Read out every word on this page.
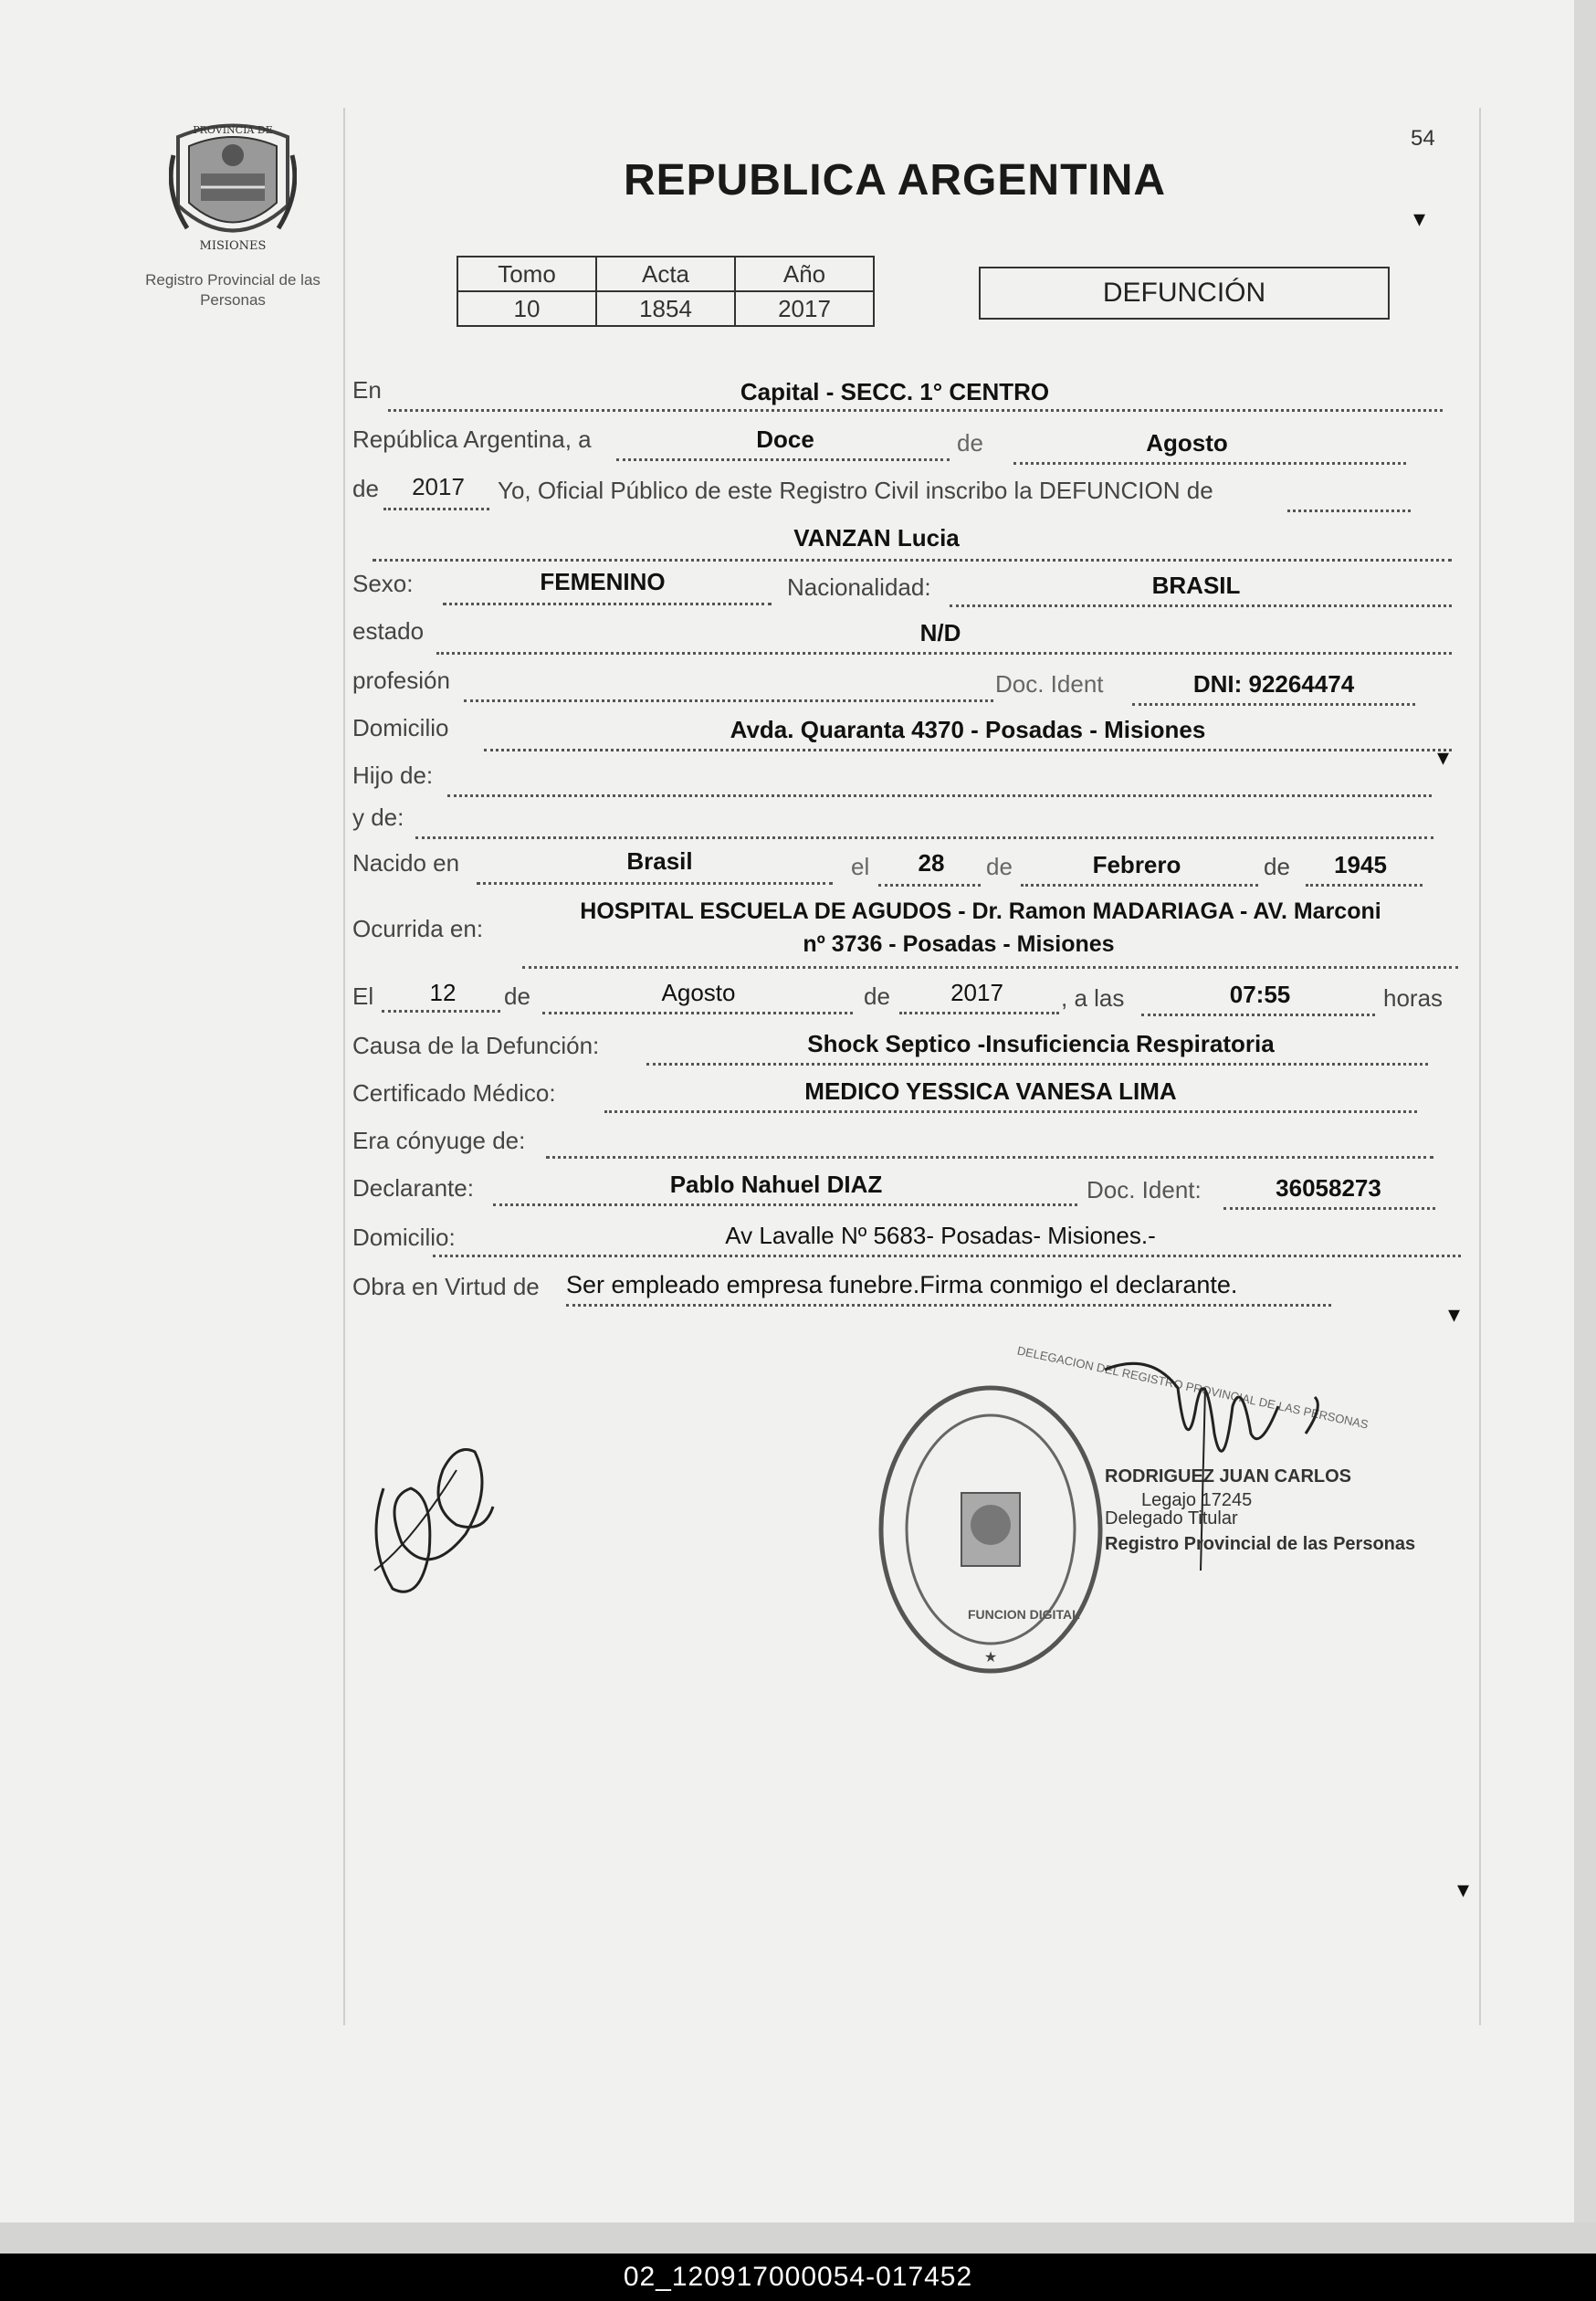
PROVINCIA DE
MISIONES
Registro Provincial de las Personas
54
REPUBLICA ARGENTINA
Tomo	Acta	Año
10	1854	2017
DEFUNCIÓN
En	Capital - SECC. 1° CENTRO
República Argentina, a	Doce	de	Agosto
de	2017	Yo, Oficial Público de este Registro Civil inscribo la DEFUNCION de
VANZAN Lucia
Sexo:	FEMENINO	Nacionalidad:	BRASIL
estado	N/D
profesión	Doc. Ident	DNI: 92264474
Domicilio	Avda. Quaranta 4370 - Posadas - Misiones
▾
Hijo de:
y de:
Nacido en	Brasil	el	28	de	Febrero	de	1945
Ocurrida en:
HOSPITAL ESCUELA DE AGUDOS - Dr. Ramon MADARIAGA - AV. Marconi
nº 3736 - Posadas - Misiones
El	12	de	Agosto	de	2017	, a las	07:55	horas
Causa de la Defunción:	Shock Septico -Insuficiencia Respiratoria
Certificado Médico:	MEDICO YESSICA VANESA LIMA
Era cónyuge de:
Declarante:	Pablo Nahuel DIAZ	Doc. Ident:	36058273
Domicilio:	Av Lavalle Nº 5683- Posadas- Misiones.-
Obra en Virtud de Ser empleado empresa funebre.Firma conmigo el declarante.
▾
▾
▾
★
DELEGACION DEL REGISTRO PROVINCIAL DE LAS PERSONAS
FUNCION DIGITAL
RODRIGUEZ JUAN CARLOS
Legajo 17245
Delegado Titular
Registro Provincial de las Personas
02_120917000054-017452
